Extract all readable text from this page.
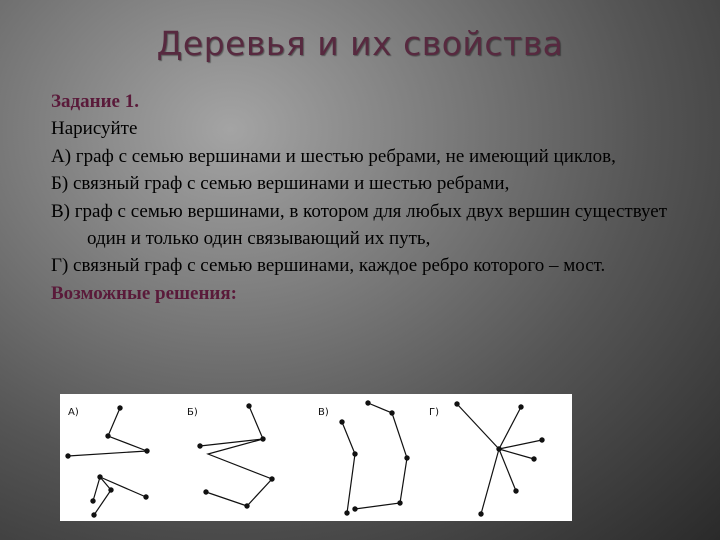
Деревья и их свойства

Задание 1.

Нарисуйте

А) граф с семью вершинами и шестью ребрами, не имеющий циклов,

Б) связный граф с семью вершинами и шестью ребрами,

В) граф с семью вершинами, в котором для любых двух вершин существует один и только один связывающий их путь,

Г) связный граф с семью вершинами, каждое ребро которого – мост.

Возможные решения:

А)	Б)	В)	Г)
